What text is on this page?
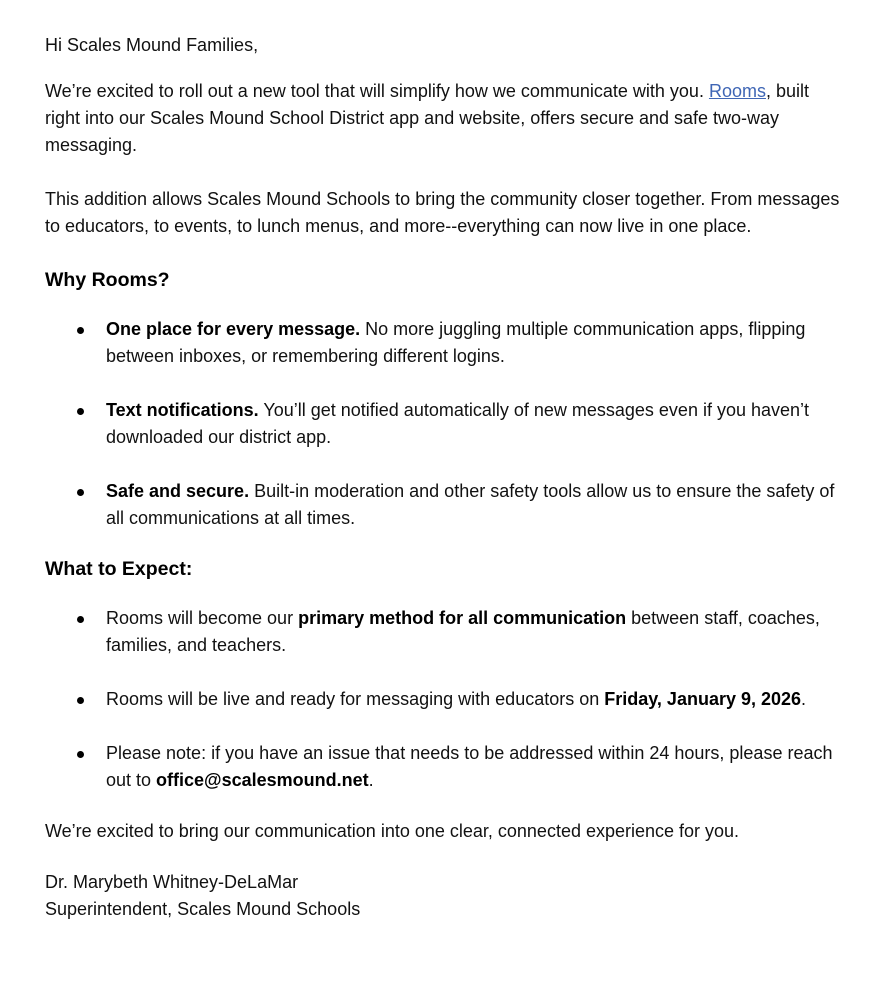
Hi Scales Mound Families,

We’re excited to roll out a new tool that will simplify how we communicate with you. Rooms, built right into our Scales Mound School District app and website, offers secure and safe two-way messaging.

This addition allows Scales Mound Schools to bring the community closer together. From messages to educators, to events, to lunch menus, and more--everything can now live in one place.

Why Rooms?
One place for every message. No more juggling multiple communication apps, flipping between inboxes, or remembering different logins.
Text notifications. You’ll get notified automatically of new messages even if you haven’t downloaded our district app.
Safe and secure. Built-in moderation and other safety tools allow us to ensure the safety of all communications at all times.
What to Expect:
Rooms will become our primary method for all communication between staff, coaches, families, and teachers.
Rooms will be live and ready for messaging with educators on Friday, January 9, 2026.
Please note: if you have an issue that needs to be addressed within 24 hours, please reach out to office@scalesmound.net.

We’re excited to bring our communication into one clear, connected experience for you.

Dr. Marybeth Whitney-DeLaMar
Superintendent, Scales Mound Schools
